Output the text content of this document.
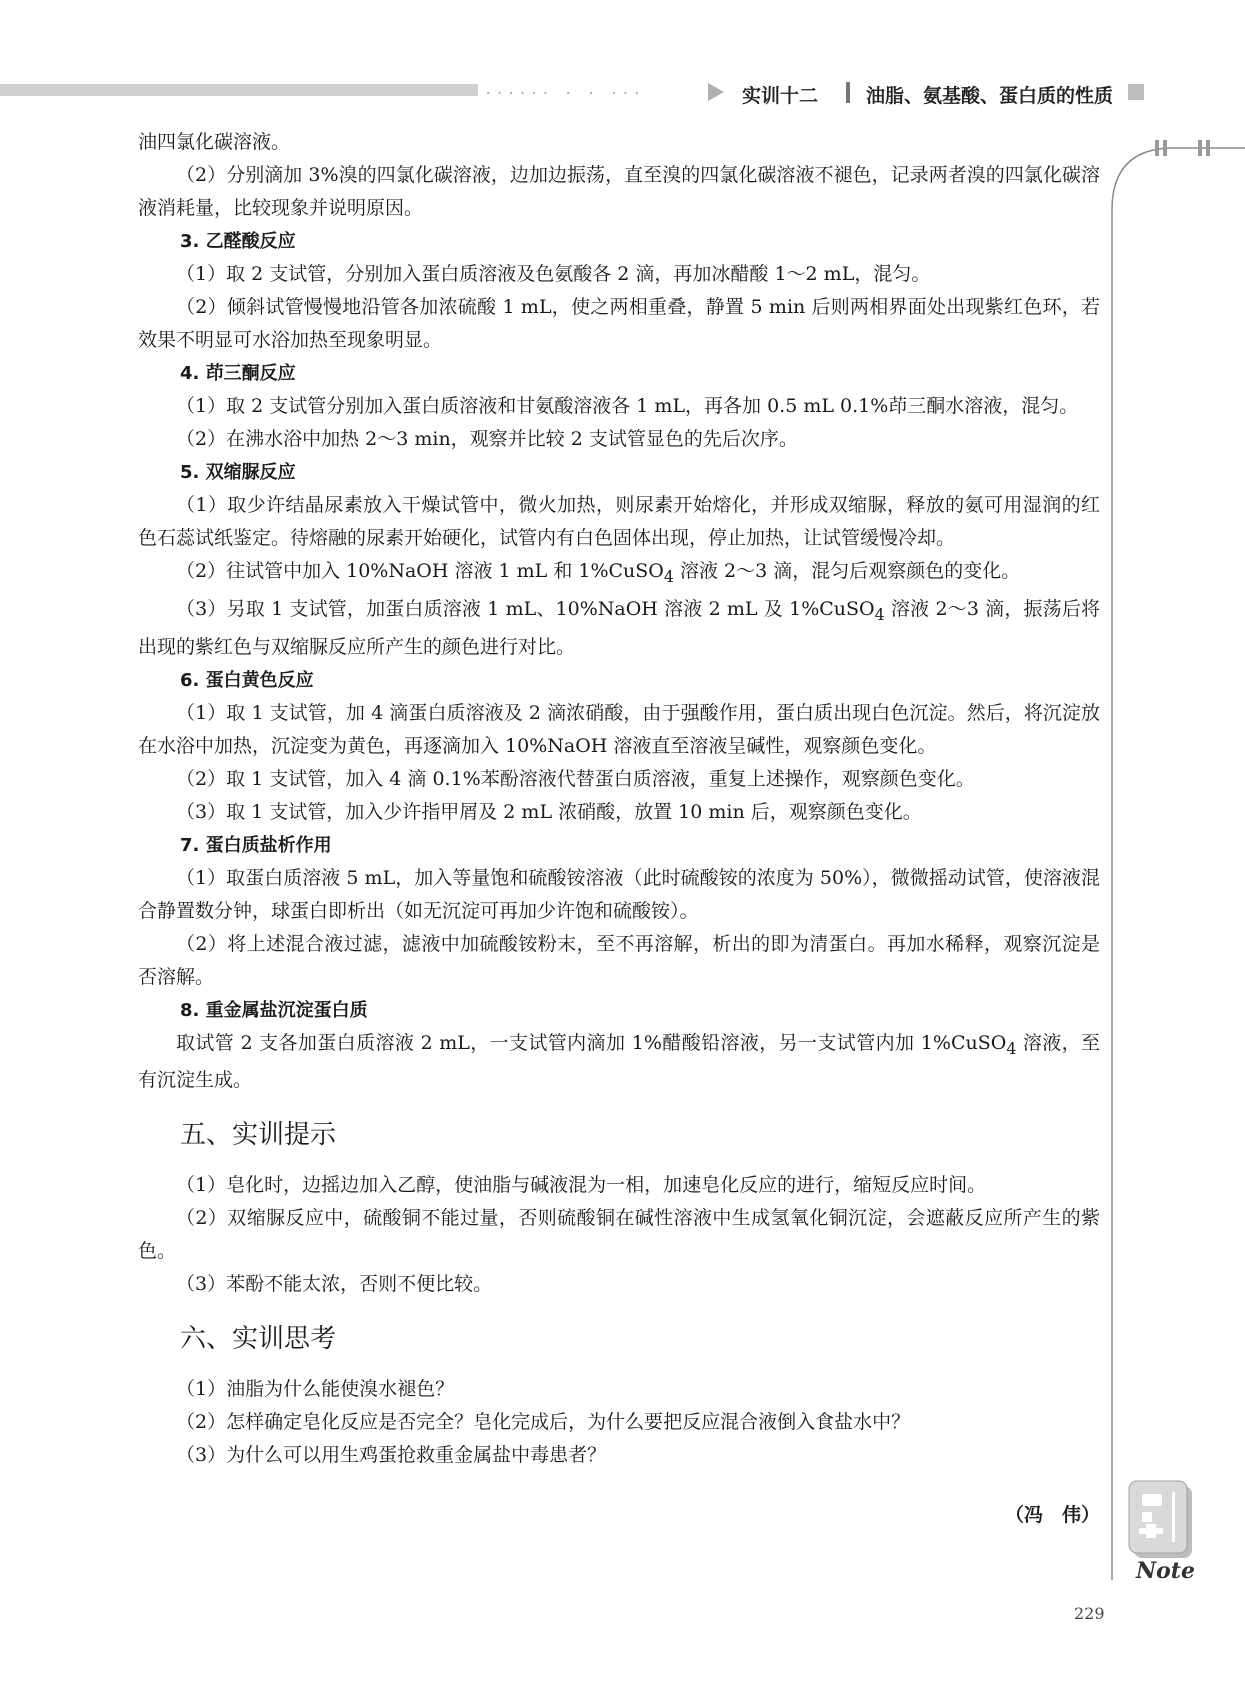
...... . . ...	实训十二	油脂、氨基酸、蛋白质的性质

油四氯化碳溶液。

（2）分别滴加 3%溴的四氯化碳溶液，边加边振荡，直至溴的四氯化碳溶液不褪色，记录两者溴的四氯化碳溶液消耗量，比较现象并说明原因。

3. 乙醛酸反应

（1）取 2 支试管，分别加入蛋白质溶液及色氨酸各 2 滴，再加冰醋酸 1～2 mL，混匀。

（2）倾斜试管慢慢地沿管各加浓硫酸 1 mL，使之两相重叠，静置 5 min 后则两相界面处出现紫红色环，若效果不明显可水浴加热至现象明显。

4. 茚三酮反应

（1）取 2 支试管分别加入蛋白质溶液和甘氨酸溶液各 1 mL，再各加 0.5 mL 0.1%茚三酮水溶液，混匀。

（2）在沸水浴中加热 2～3 min，观察并比较 2 支试管显色的先后次序。

5. 双缩脲反应

（1）取少许结晶尿素放入干燥试管中，微火加热，则尿素开始熔化，并形成双缩脲，释放的氨可用湿润的红色石蕊试纸鉴定。待熔融的尿素开始硬化，试管内有白色固体出现，停止加热，让试管缓慢冷却。

（2）往试管中加入 10%NaOH 溶液 1 mL 和 1%CuSO$_4$ 溶液 2～3 滴，混匀后观察颜色的变化。

（3）另取 1 支试管，加蛋白质溶液 1 mL、10%NaOH 溶液 2 mL 及 1%CuSO$_4$ 溶液 2～3 滴，振荡后将出现的紫红色与双缩脲反应所产生的颜色进行对比。

6. 蛋白黄色反应

（1）取 1 支试管，加 4 滴蛋白质溶液及 2 滴浓硝酸，由于强酸作用，蛋白质出现白色沉淀。然后，将沉淀放在水浴中加热，沉淀变为黄色，再逐滴加入 10%NaOH 溶液直至溶液呈碱性，观察颜色变化。

（2）取 1 支试管，加入 4 滴 0.1%苯酚溶液代替蛋白质溶液，重复上述操作，观察颜色变化。

（3）取 1 支试管，加入少许指甲屑及 2 mL 浓硝酸，放置 10 min 后，观察颜色变化。

7. 蛋白质盐析作用

（1）取蛋白质溶液 5 mL，加入等量饱和硫酸铵溶液（此时硫酸铵的浓度为 50%），微微摇动试管，使溶液混合静置数分钟，球蛋白即析出（如无沉淀可再加少许饱和硫酸铵）。

（2）将上述混合液过滤，滤液中加硫酸铵粉末，至不再溶解，析出的即为清蛋白。再加水稀释，观察沉淀是否溶解。

8. 重金属盐沉淀蛋白质

取试管 2 支各加蛋白质溶液 2 mL，一支试管内滴加 1%醋酸铅溶液，另一支试管内加 1%CuSO$_4$ 溶液，至有沉淀生成。

五、实训提示

（1）皂化时，边摇边加入乙醇，使油脂与碱液混为一相，加速皂化反应的进行，缩短反应时间。

（2）双缩脲反应中，硫酸铜不能过量，否则硫酸铜在碱性溶液中生成氢氧化铜沉淀，会遮蔽反应所产生的紫色。

（3）苯酚不能太浓，否则不便比较。

六、实训思考

（1）油脂为什么能使溴水褪色？

（2）怎样确定皂化反应是否完全？皂化完成后，为什么要把反应混合液倒入食盐水中？

（3）为什么可以用生鸡蛋抢救重金属盐中毒患者？

（冯　伟）

Note
229
